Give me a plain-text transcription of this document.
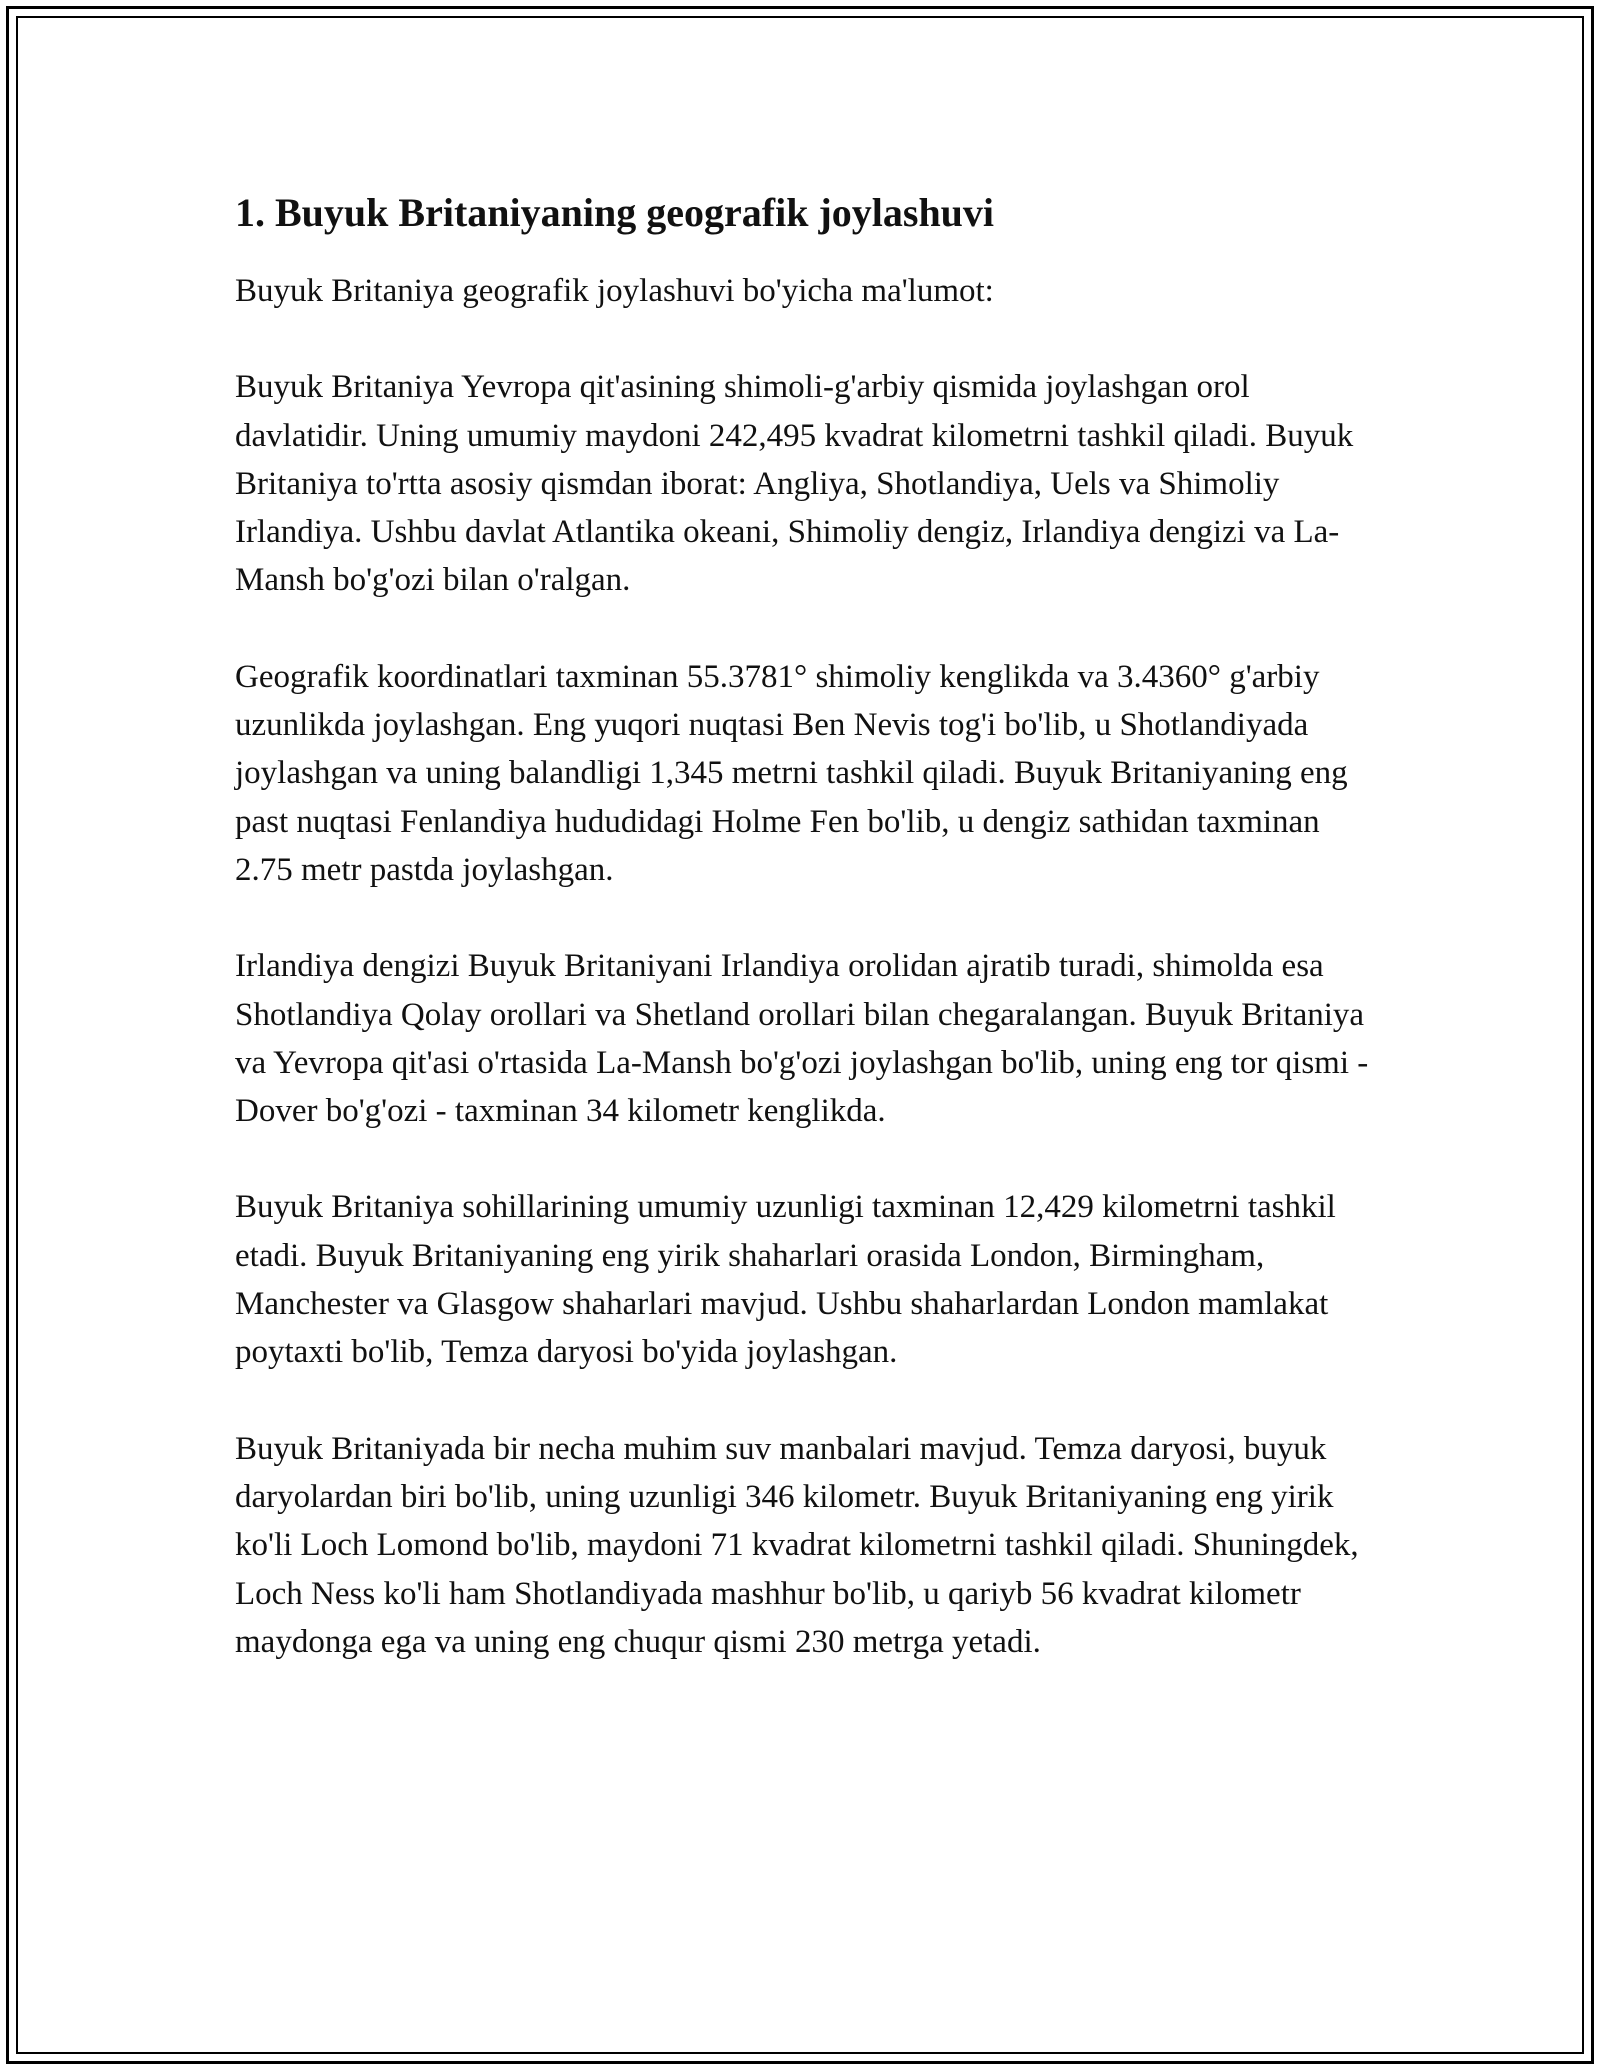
1. Buyuk Britaniyaning geografik joylashuvi

Buyuk Britaniya geografik joylashuvi bo'yicha ma'lumot:

Buyuk Britaniya Yevropa qit'asining shimoli-g'arbiy qismida joylashgan orol davlatidir. Uning umumiy maydoni 242,495 kvadrat kilometrni tashkil qiladi. Buyuk Britaniya to'rtta asosiy qismdan iborat: Angliya, Shotlandiya, Uels va Shimoliy Irlandiya. Ushbu davlat Atlantika okeani, Shimoliy dengiz, Irlandiya dengizi va La-Mansh bo'g'ozi bilan o'ralgan.

Geografik koordinatlari taxminan 55.3781° shimoliy kenglikda va 3.4360° g'arbiy uzunlikda joylashgan. Eng yuqori nuqtasi Ben Nevis tog'i bo'lib, u Shotlandiyada joylashgan va uning balandligi 1,345 metrni tashkil qiladi. Buyuk Britaniyaning eng past nuqtasi Fenlandiya hududidagi Holme Fen bo'lib, u dengiz sathidan taxminan 2.75 metr pastda joylashgan.

Irlandiya dengizi Buyuk Britaniyani Irlandiya orolidan ajratib turadi, shimolda esa Shotlandiya Qolay orollari va Shetland orollari bilan chegaralangan. Buyuk Britaniya va Yevropa qit'asi o'rtasida La-Mansh bo'g'ozi joylashgan bo'lib, uning eng tor qismi - Dover bo'g'ozi - taxminan 34 kilometr kenglikda.

Buyuk Britaniya sohillarining umumiy uzunligi taxminan 12,429 kilometrni tashkil etadi. Buyuk Britaniyaning eng yirik shaharlari orasida London, Birmingham, Manchester va Glasgow shaharlari mavjud. Ushbu shaharlardan London mamlakat poytaxti bo'lib, Temza daryosi bo'yida joylashgan.

Buyuk Britaniyada bir necha muhim suv manbalari mavjud. Temza daryosi, buyuk daryolardan biri bo'lib, uning uzunligi 346 kilometr. Buyuk Britaniyaning eng yirik ko'li Loch Lomond bo'lib, maydoni 71 kvadrat kilometrni tashkil qiladi. Shuningdek, Loch Ness ko'li ham Shotlandiyada mashhur bo'lib, u qariyb 56 kvadrat kilometr maydonga ega va uning eng chuqur qismi 230 metrga yetadi.
